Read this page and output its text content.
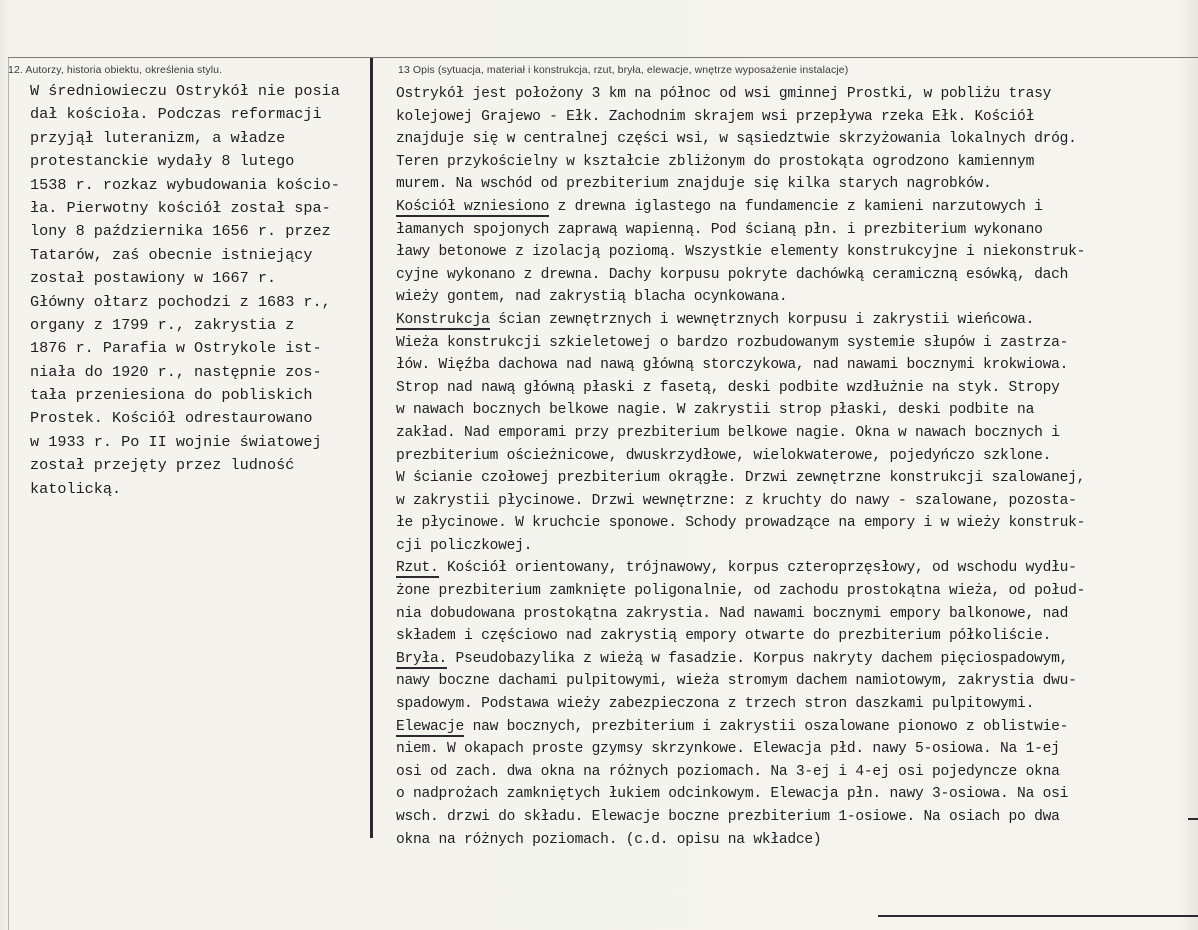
12. Autorzy, historia obiektu, określenia stylu.	13 Opis (sytuacja, materiał i konstrukcja, rzut, bryła, elewacje, wnętrze wyposażenie instalacje)
W średniowieczu Ostrykół nie posia
dał kościoła. Podczas reformacji
przyjął luteranizm, a władze
protestanckie wydały 8 lutego
1538 r. rozkaz wybudowania kościo-
ła. Pierwotny kościół został spa-
lony 8 października 1656 r. przez
Tatarów, zaś obecnie istniejący
został postawiony w 1667 r.
Główny ołtarz pochodzi z 1683 r.,
organy z 1799 r., zakrystia z
1876 r. Parafia w Ostrykole ist-
niała do 1920 r., następnie zos-
tała przeniesiona do pobliskich
Prostek. Kościół odrestaurowano
w 1933 r. Po II wojnie światowej
został przejęty przez ludność
katolicką.
Ostrykół jest położony 3 km na północ od wsi gminnej Prostki, w pobliżu trasy
kolejowej Grajewo - Ełk. Zachodnim skrajem wsi przepływa rzeka Ełk. Kościół
znajduje się w centralnej części wsi, w sąsiedztwie skrzyżowania lokalnych dróg.
Teren przykościelny w kształcie zbliżonym do prostokąta ogrodzono kamiennym
murem. Na wschód od prezbiterium znajduje się kilka starych nagrobków.
Kościół wzniesiono z drewna iglastego na fundamencie z kamieni narzutowych i
łamanych spojonych zaprawą wapienną. Pod ścianą płn. i prezbiterium wykonano
ławy betonowe z izolacją poziomą. Wszystkie elementy konstrukcyjne i niekonstruk-
cyjne wykonano z drewna. Dachy korpusu pokryte dachówką ceramiczną esówką, dach
wieży gontem, nad zakrystią blacha ocynkowana.
Konstrukcja ścian zewnętrznych i wewnętrznych korpusu i zakrystii wieńcowa.
Wieża konstrukcji szkieletowej o bardzo rozbudowanym systemie słupów i zastrza-
łów. Więźba dachowa nad nawą główną storczykowa, nad nawami bocznymi krokwiowa.
Strop nad nawą główną płaski z fasetą, deski podbite wzdłużnie na styk. Stropy
w nawach bocznych belkowe nagie. W zakrystii strop płaski, deski podbite na
zakład. Nad emporami przy prezbiterium belkowe nagie. Okna w nawach bocznych i
prezbiterium ościeżnicowe, dwuskrzydłowe, wielokwaterowe, pojedyńczo szklone.
W ścianie czołowej prezbiterium okrągłe. Drzwi zewnętrzne konstrukcji szalowanej,
w zakrystii płycinowe. Drzwi wewnętrzne: z kruchty do nawy - szalowane, pozosta-
łe płycinowe. W kruchcie sponowe. Schody prowadzące na empory i w wieży konstruk-
cji policzkowej.
Rzut. Kościół orientowany, trójnawowy, korpus czteroprzęsłowy, od wschodu wydłu-
żone prezbiterium zamknięte poligonalnie, od zachodu prostokątna wieża, od połud-
nia dobudowana prostokątna zakrystia. Nad nawami bocznymi empory balkonowe, nad
składem i częściowo nad zakrystią empory otwarte do prezbiterium półkoliście.
Bryła. Pseudobazylika z wieżą w fasadzie. Korpus nakryty dachem pięciospadowym,
nawy boczne dachami pulpitowymi, wieża stromym dachem namiotowym, zakrystia dwu-
spadowym. Podstawa wieży zabezpieczona z trzech stron daszkami pulpitowymi.
Elewacje naw bocznych, prezbiterium i zakrystii oszalowane pionowo z oblistwie-
niem. W okapach proste gzymsy skrzynkowe. Elewacja płd. nawy 5-osiowa. Na 1-ej
osi od zach. dwa okna na różnych poziomach. Na 3-ej i 4-ej osi pojedyncze okna
o nadprożach zamkniętych łukiem odcinkowym. Elewacja płn. nawy 3-osiowa. Na osi
wsch. drzwi do składu. Elewacje boczne prezbiterium 1-osiowe. Na osiach po dwa
okna na różnych poziomach. (c.d. opisu na wkładce)
